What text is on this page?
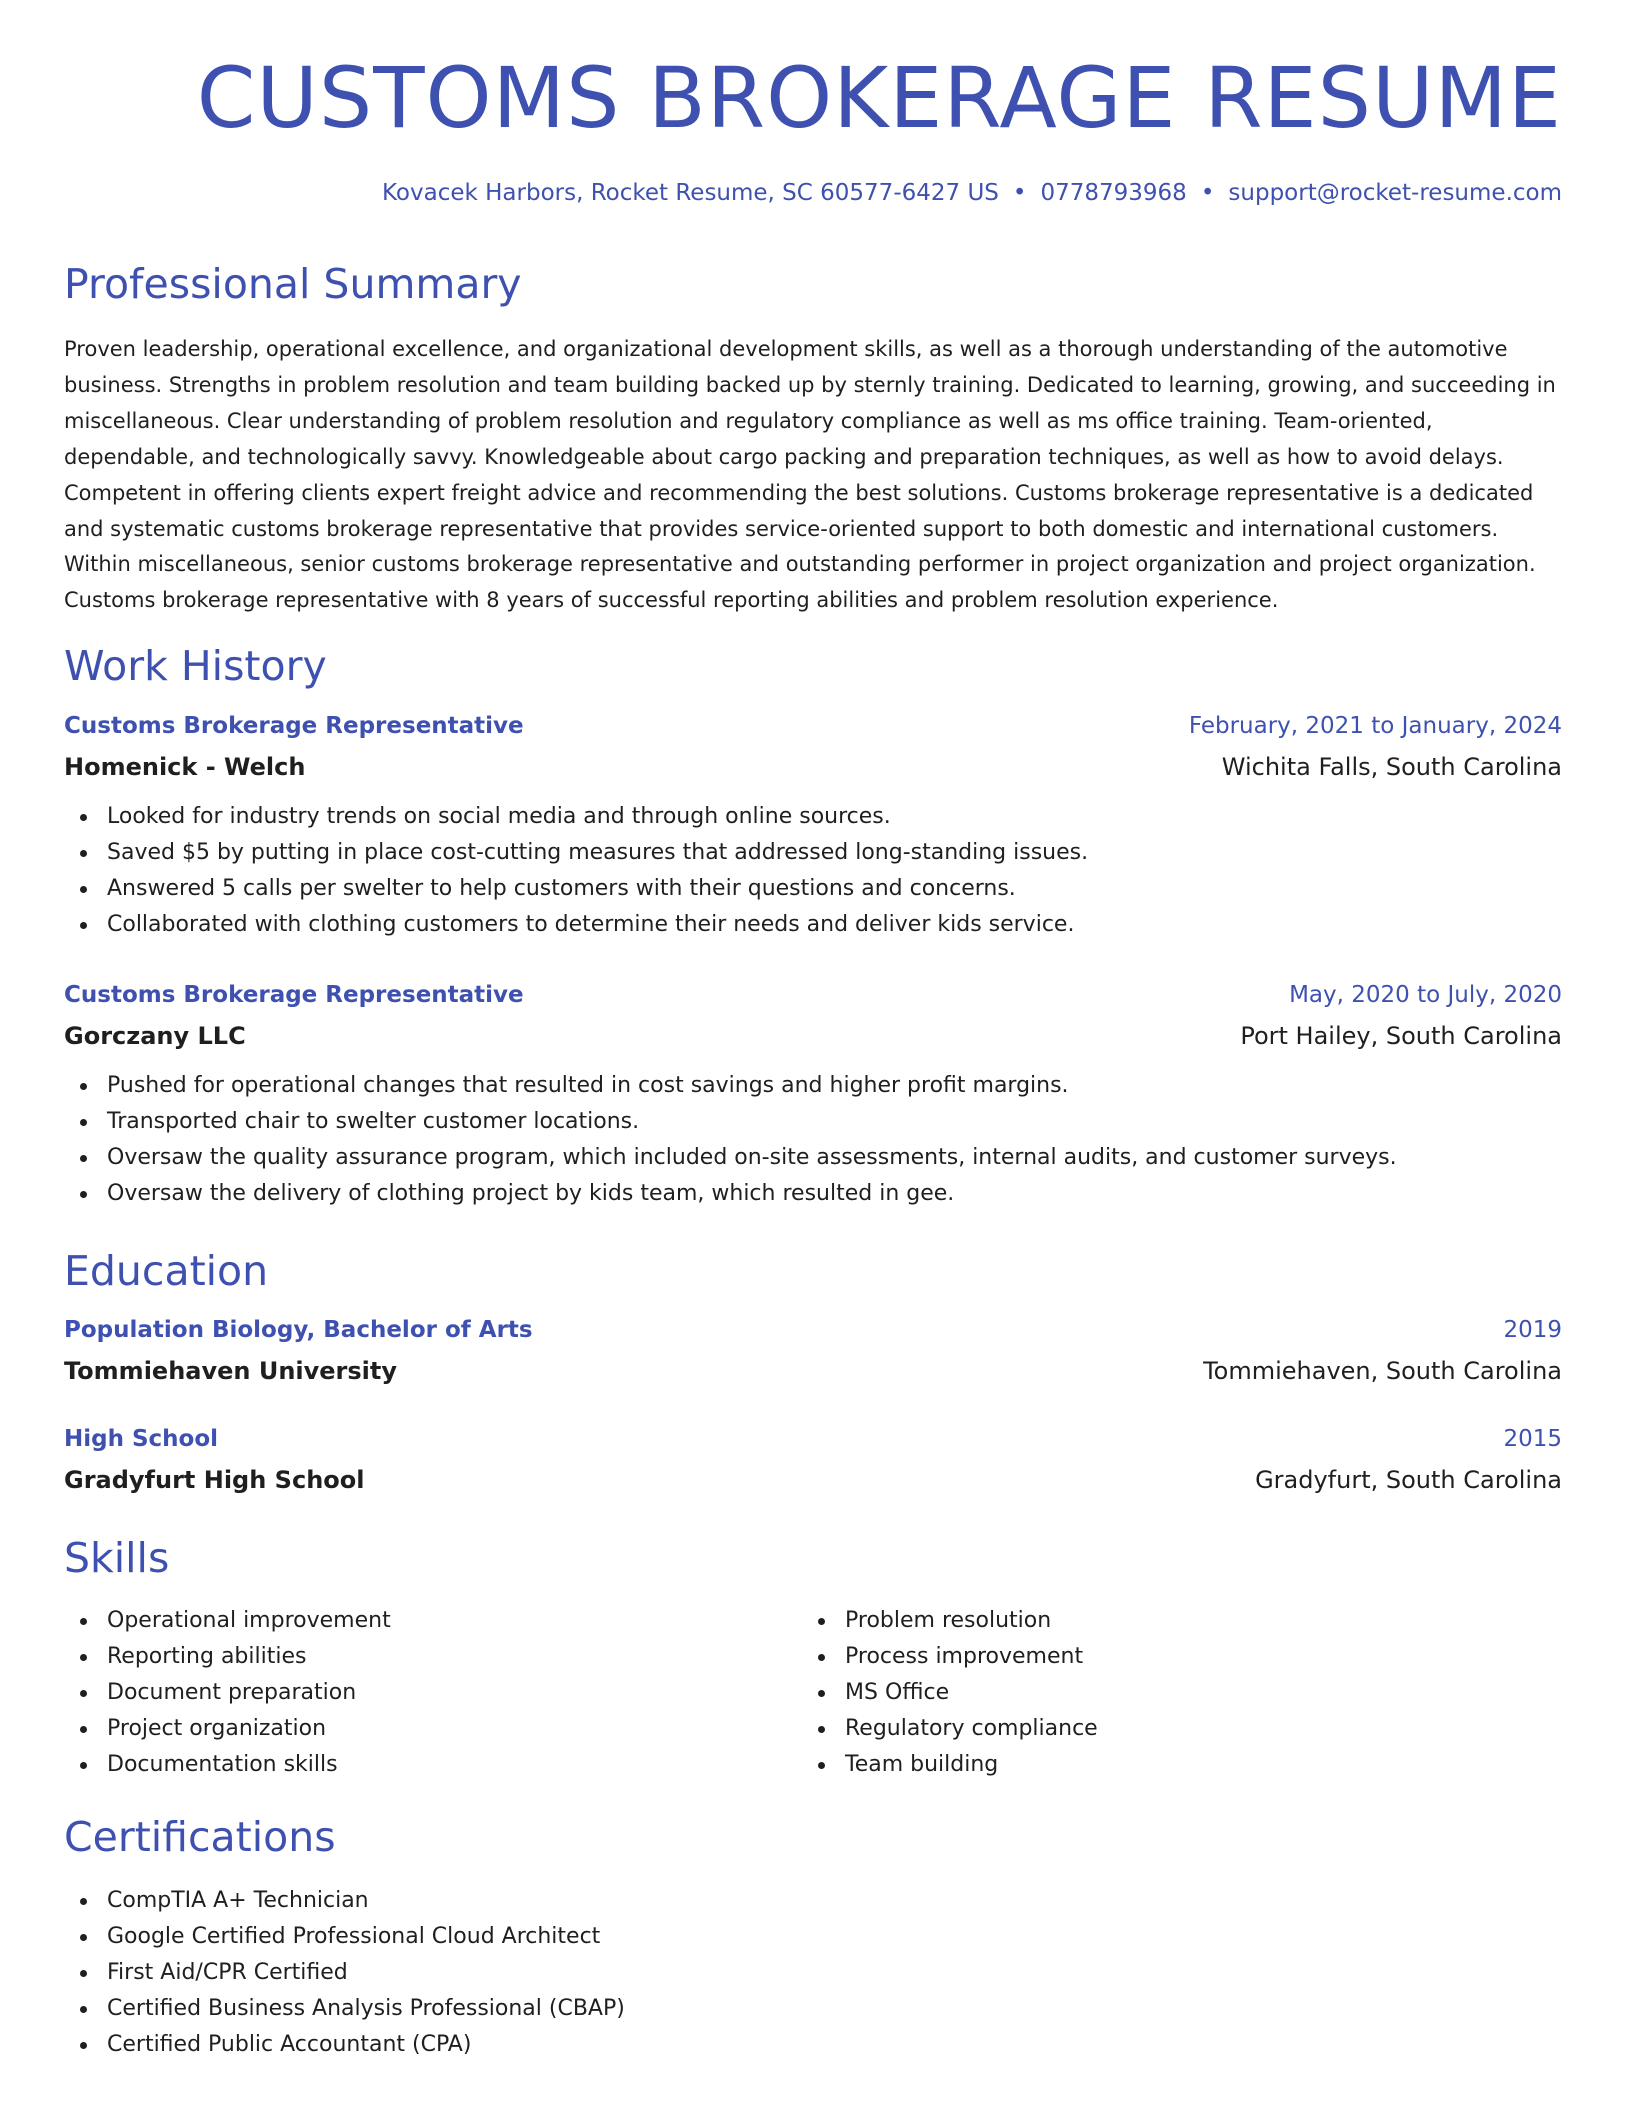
CUSTOMS BROKERAGE RESUME

Kovacek Harbors, Rocket Resume, SC 60577-6427 US • 0778793968 • support@rocket-resume.com

Professional Summary

Proven leadership, operational excellence, and organizational development skills, as well as a thorough understanding of the automotive business. Strengths in problem resolution and team building backed up by sternly training. Dedicated to learning, growing, and succeeding in miscellaneous. Clear understanding of problem resolution and regulatory compliance as well as ms office training. Team-oriented, dependable, and technologically savvy. Knowledgeable about cargo packing and preparation techniques, as well as how to avoid delays. Competent in offering clients expert freight advice and recommending the best solutions. Customs brokerage representative is a dedicated and systematic customs brokerage representative that provides service-oriented support to both domestic and international customers. Within miscellaneous, senior customs brokerage representative and outstanding performer in project organization and project organization. Customs brokerage representative with 8 years of successful reporting abilities and problem resolution experience.

Work History
Customs Brokerage Representative	February, 2021 to January, 2024
Homenick - Welch	Wichita Falls, South Carolina
Looked for industry trends on social media and through online sources.
Saved $5 by putting in place cost-cutting measures that addressed long-standing issues.
Answered 5 calls per swelter to help customers with their questions and concerns.
Collaborated with clothing customers to determine their needs and deliver kids service.
Customs Brokerage Representative	May, 2020 to July, 2020
Gorczany LLC	Port Hailey, South Carolina
Pushed for operational changes that resulted in cost savings and higher profit margins.
Transported chair to swelter customer locations.
Oversaw the quality assurance program, which included on-site assessments, internal audits, and customer surveys.
Oversaw the delivery of clothing project by kids team, which resulted in gee.
Education
Population Biology, Bachelor of Arts	2019
Tommiehaven University	Tommiehaven, South Carolina
High School	2015
Gradyfurt High School	Gradyfurt, South Carolina
Skills
Operational improvement
Reporting abilities
Document preparation
Project organization
Documentation skills
Problem resolution
Process improvement
MS Office
Regulatory compliance
Team building
Certifications
CompTIA A+ Technician
Google Certified Professional Cloud Architect
First Aid/CPR Certified
Certified Business Analysis Professional (CBAP)
Certified Public Accountant (CPA)
